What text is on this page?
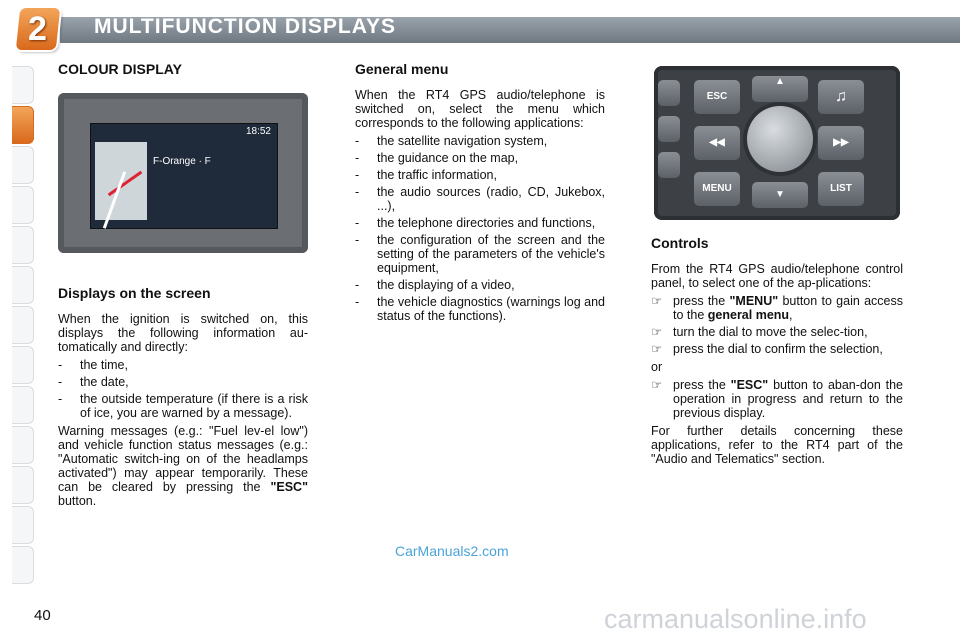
2 MULTIFUNCTION DISPLAYS
COLOUR DISPLAY
18:52
F-Orange · F
Displays on the screen

When the ignition is switched on, this displays the following information au-tomatically and directly:

- the time,
- the date,
- the outside temperature (if there is a risk of ice, you are warned by a message).

Warning messages (e.g.: "Fuel lev-el low") and vehicle function status messages (e.g.: "Automatic switch-ing on of the headlamps activated") may appear temporarily. These can be cleared by pressing the "ESC" button.

General menu

When the RT4 GPS audio/telephone is switched on, select the menu which corresponds to the following applications:

- the satellite navigation system,
- the guidance on the map,
- the traffic information,
- the audio sources (radio, CD, Jukebox, ...),
- the telephone directories and functions,
- the configuration of the screen and the setting of the parameters of the vehicle's equipment,
- the displaying of a video,
- the vehicle diagnostics (warnings log and status of the functions).
ESC
▲
♫
◀◀	▶▶
MENU
▼
LIST
Controls

From the RT4 GPS audio/telephone control panel, to select one of the ap-plications:

☞ press the "MENU" button to gain access to the general menu,
☞ turn the dial to move the selec-tion,
☞ press the dial to confirm the selection,

or

☞ press the "ESC" button to aban-don the operation in progress and return to the previous display.

For further details concerning these applications, refer to the RT4 part of the "Audio and Telematics" section.

CarManuals2.com
carmanualsonline.info
40
